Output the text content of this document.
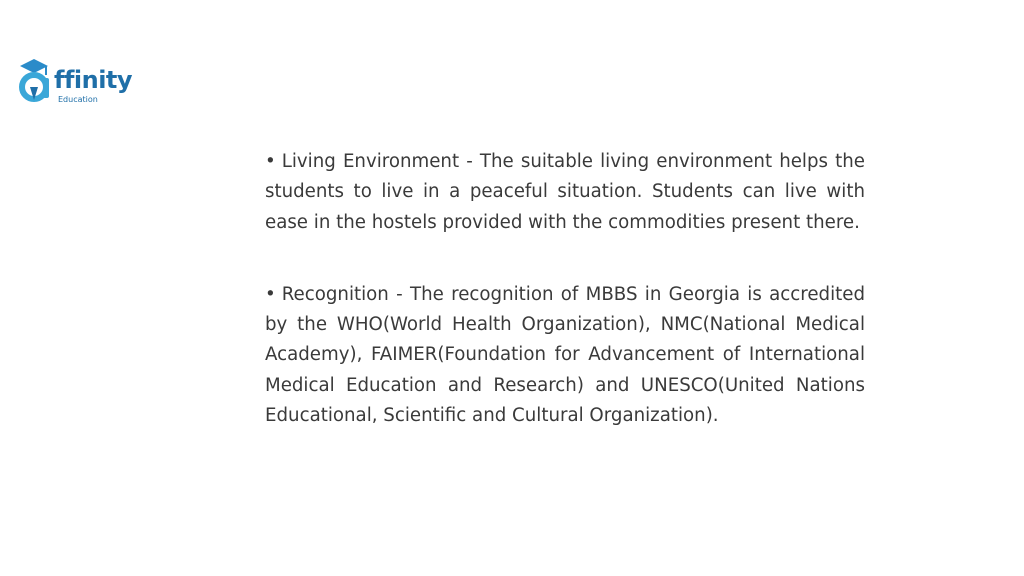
ffinity
Education

• Living Environment - The suitable living environment helps the students to live in a peaceful situation. Students can live with ease in the hostels provided with the commodities present there.

• Recognition - The recognition of MBBS in Georgia is accredited by the WHO(World Health Organization), NMC(National Medical Academy), FAIMER(Foundation for Advancement of International Medical Education and Research) and UNESCO(United Nations Educational, Scientific and Cultural Organization).
